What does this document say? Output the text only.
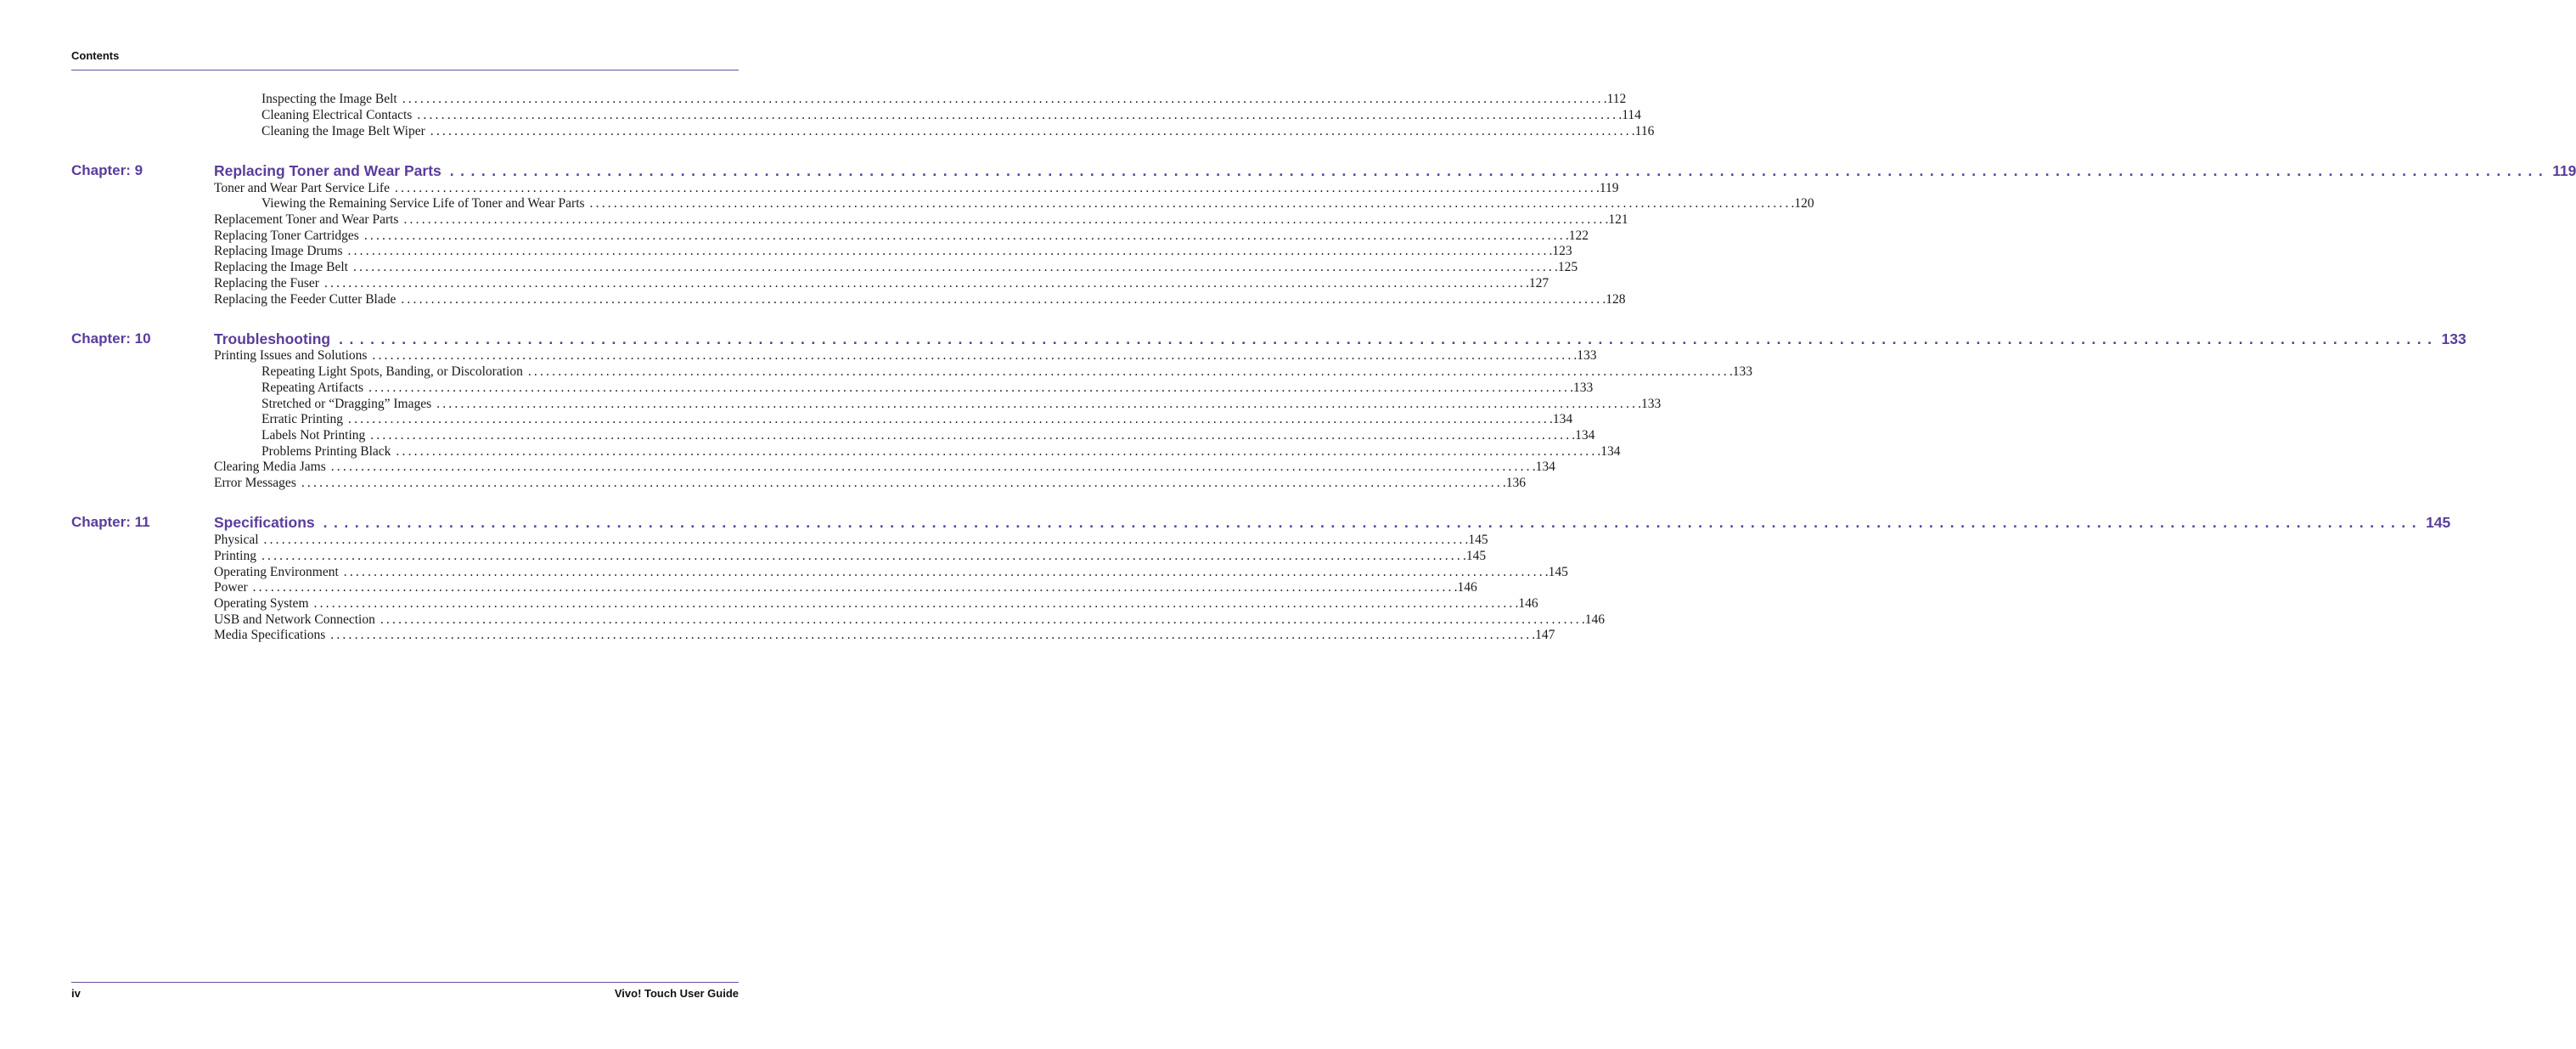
Contents
Inspecting the Image Belt ........................................................................................................................................................................................................ .112
Cleaning Electrical Contacts ........................................................................................................................................................................................................ .114
Cleaning the Image Belt Wiper ........................................................................................................................................................................................................ .116
Chapter: 9	Replacing Toner and Wear Parts ........................................................................................................................................................................................................ 119
Toner and Wear Part Service Life ........................................................................................................................................................................................................ .119
Viewing the Remaining Service Life of Toner and Wear Parts ........................................................................................................................................................................................................ .120
Replacement Toner and Wear Parts ........................................................................................................................................................................................................ .121
Replacing Toner Cartridges ........................................................................................................................................................................................................ .122
Replacing Image Drums ........................................................................................................................................................................................................ .123
Replacing the Image Belt ........................................................................................................................................................................................................ .125
Replacing the Fuser ........................................................................................................................................................................................................ .127
Replacing the Feeder Cutter Blade ........................................................................................................................................................................................................ .128
Chapter: 10	Troubleshooting ........................................................................................................................................................................................................ 133
Printing Issues and Solutions ........................................................................................................................................................................................................ .133
Repeating Light Spots, Banding, or Discoloration ........................................................................................................................................................................................................ .133
Repeating Artifacts ........................................................................................................................................................................................................ .133
Stretched or “Dragging” Images ........................................................................................................................................................................................................ .133
Erratic Printing ........................................................................................................................................................................................................ .134
Labels Not Printing ........................................................................................................................................................................................................ .134
Problems Printing Black ........................................................................................................................................................................................................ .134
Clearing Media Jams ........................................................................................................................................................................................................ .134
Error Messages ........................................................................................................................................................................................................ .136
Chapter: 11	Specifications ........................................................................................................................................................................................................ 145
Physical ........................................................................................................................................................................................................ .145
Printing ........................................................................................................................................................................................................ .145
Operating Environment ........................................................................................................................................................................................................ .145
Power ........................................................................................................................................................................................................ .146
Operating System ........................................................................................................................................................................................................ .146
USB and Network Connection ........................................................................................................................................................................................................ .146
Media Specifications ........................................................................................................................................................................................................ .147
iv	Vivo! Touch User Guide
